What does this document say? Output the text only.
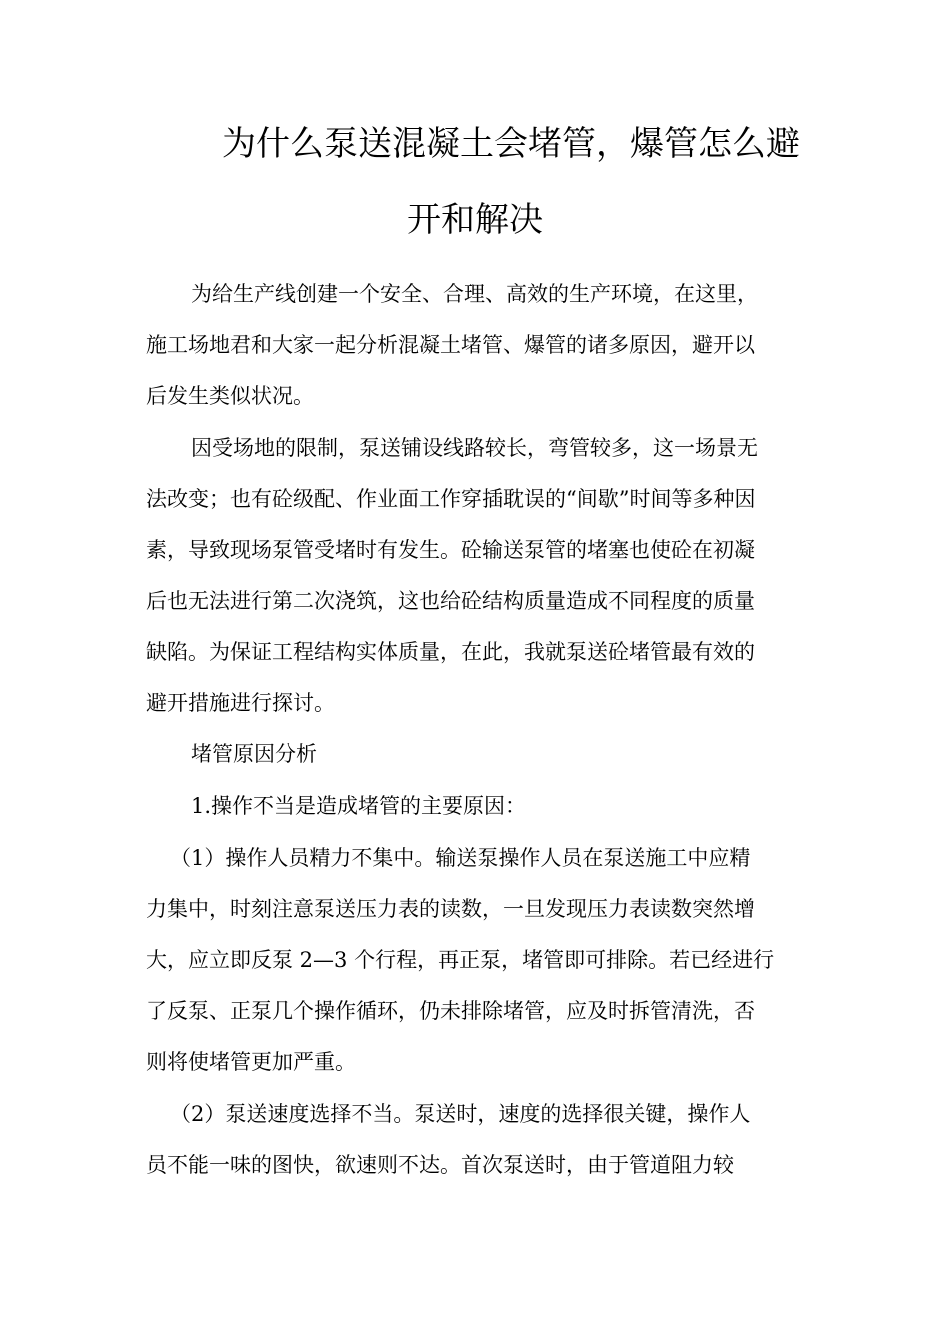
为什么泵送混凝土会堵管，爆管怎么避
开和解决
为给生产线创建一个安全、合理、高效的生产环境，在这里，
施工场地君和大家一起分析混凝土堵管、爆管的诸多原因，避开以
后发生类似状况。
因受场地的限制，泵送铺设线路较长，弯管较多，这一场景无
法改变；也有砼级配、作业面工作穿插耽误的“间歇”时间等多种因
素，导致现场泵管受堵时有发生。砼输送泵管的堵塞也使砼在初凝
后也无法进行第二次浇筑，这也给砼结构质量造成不同程度的质量
缺陷。为保证工程结构实体质量，在此，我就泵送砼堵管最有效的
避开措施进行探讨。
堵管原因分析
1.操作不当是造成堵管的主要原因：
（1）操作人员精力不集中。输送泵操作人员在泵送施工中应精
力集中，时刻注意泵送压力表的读数，一旦发现压力表读数突然增
大，应立即反泵 2—3 个行程，再正泵，堵管即可排除。若已经进行
了反泵、正泵几个操作循环，仍未排除堵管，应及时拆管清洗，否
则将使堵管更加严重。
（2）泵送速度选择不当。泵送时，速度的选择很关键，操作人
员不能一味的图快，欲速则不达。首次泵送时，由于管道阻力较
